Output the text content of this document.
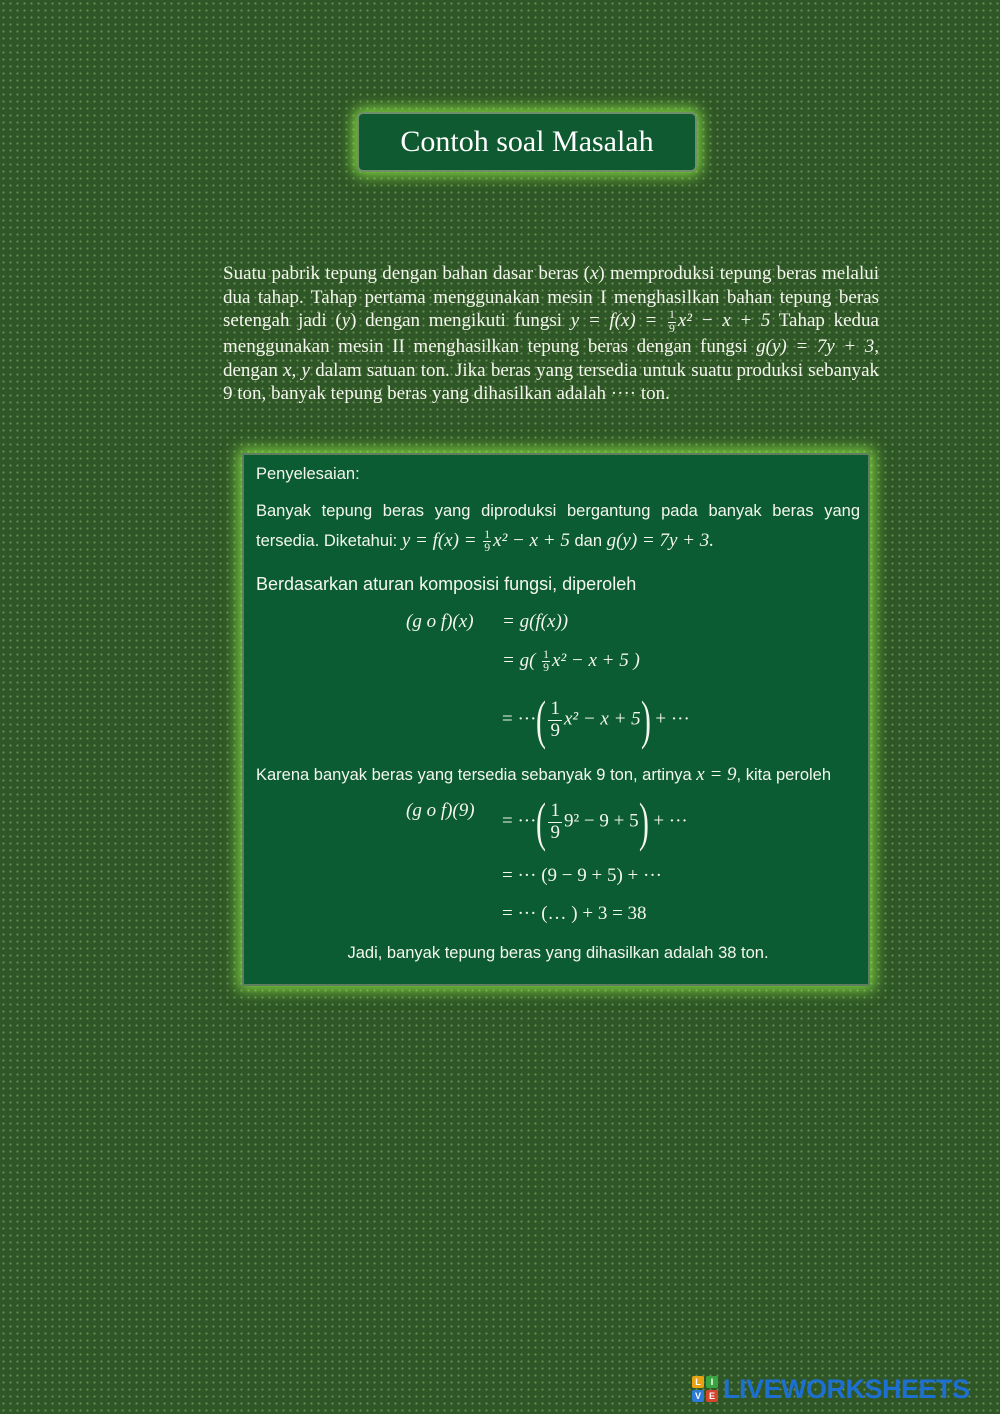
Contoh soal Masalah
Suatu pabrik tepung dengan bahan dasar beras (x) memproduksi tepung beras melalui dua tahap. Tahap pertama menggunakan mesin I menghasilkan bahan tepung beras setengah jadi (y) dengan mengikuti fungsi $y = f(x) = \frac{1}{9} x^2 - x + 5$ Tahap kedua menggunakan mesin II menghasilkan tepung beras dengan fungsi g(y) = 7y + 3, dengan x, y dalam satuan ton. Jika beras yang tersedia untuk suatu produksi sebanyak 9 ton, banyak tepung beras yang dihasilkan adalah ···· ton.
Penyelesaian:
Banyak tepung beras yang diproduksi bergantung pada banyak beras yang tersedia. Diketahui: $y = f(x) = \frac{1}{9} x^2 - x + 5$ dan g(y) = 7y + 3.
Berdasarkan aturan komposisi fungsi, diperoleh
(g o f)(x) = g(f(x))
= $g( \frac{1}{9} x^2 - x + 5$ )
= ···( $\frac{1}{9} x^2 - x + 5$) + ···
Karena banyak beras yang tersedia sebanyak 9 ton, artinya x = 9, kita peroleh
(g o f)(9) = ···( $\frac{1}{9} 9^2 - 9 + 5$) + ···
= ··· (9 − 9 + 5) + ···
= ··· (… ) + 3 = 38
Jadi, banyak tepung beras yang dihasilkan adalah 38 ton.
L	I
V E LIVEWORKSHEETS
